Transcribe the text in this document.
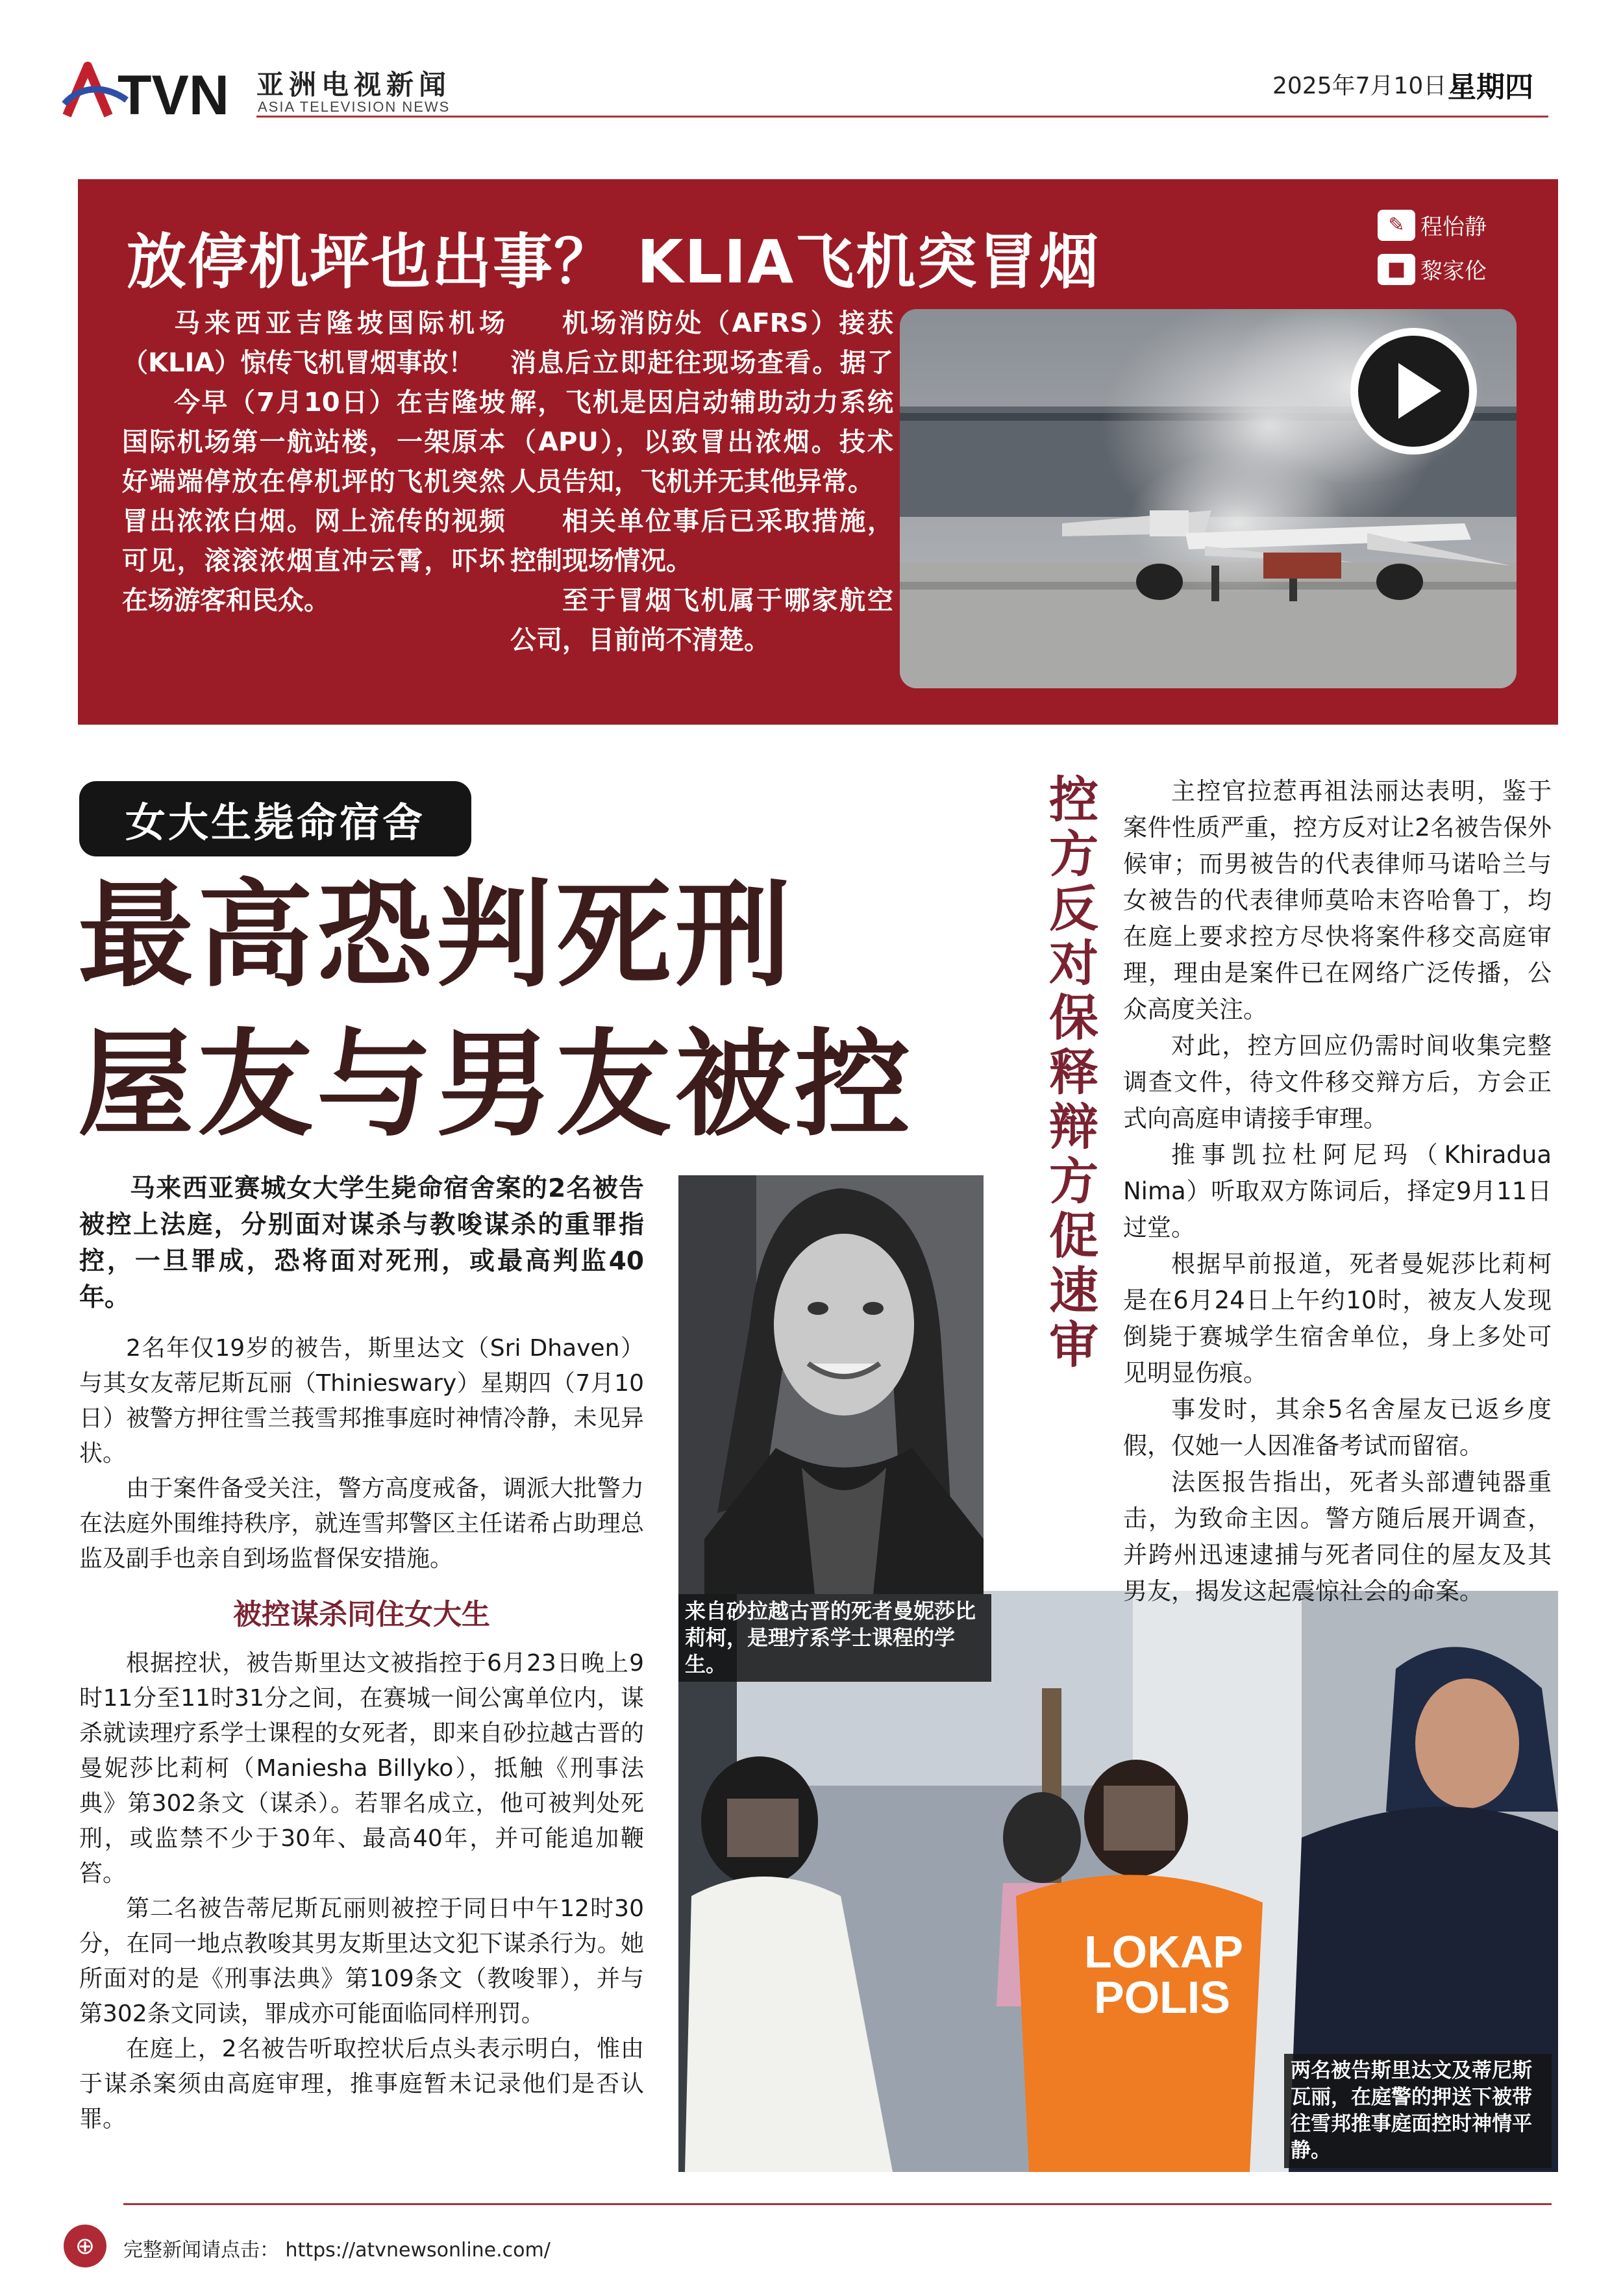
TVN 亚洲电视新闻
ASIA TELEVISION NEWS
2025年7月10日 星期四
放停机坪也出事？ KLIA飞机突冒烟
✎ 程怡静
■ 黎家伦

马来西亚吉隆坡国际机场（KLIA）惊传飞机冒烟事故！

今早（7月10日）在吉隆坡国际机场第一航站楼，一架原本好端端停放在停机坪的飞机突然冒出浓浓白烟。网上流传的视频可见，滚滚浓烟直冲云霄，吓坏在场游客和民众。

机场消防处（AFRS）接获消息后立即赶往现场查看。据了解，飞机是因启动辅助动力系统（APU），以致冒出浓烟。技术人员告知，飞机并无其他异常。

相关单位事后已采取措施，控制现场情况。

至于冒烟飞机属于哪家航空公司，目前尚不清楚。

女大生毙命宿舍
最高恐判死刑
屋友与男友被控
马来西亚赛城女大学生毙命宿舍案的2名被告被控上法庭，分别面对谋杀与教唆谋杀的重罪指控，一旦罪成，恐将面对死刑，或最高判监40年。

2名年仅19岁的被告，斯里达文（Sri Dhaven）与其女友蒂尼斯瓦丽（Thinieswary）星期四（7月10日）被警方押往雪兰莪雪邦推事庭时神情冷静，未见异状。

由于案件备受关注，警方高度戒备，调派大批警力在法庭外围维持秩序，就连雪邦警区主任诺希占助理总监及副手也亲自到场监督保安措施。

被控谋杀同住女大生

根据控状，被告斯里达文被指控于6月23日晚上9时11分至11时31分之间，在赛城一间公寓单位内，谋杀就读理疗系学士课程的女死者，即来自砂拉越古晋的曼妮莎比莉柯（Maniesha Billyko），抵触《刑事法典》第302条文（谋杀）。若罪名成立，他可被判处死刑，或监禁不少于30年、最高40年，并可能追加鞭笞。

第二名被告蒂尼斯瓦丽则被控于同日中午12时30分，在同一地点教唆其男友斯里达文犯下谋杀行为。她所面对的是《刑事法典》第109条文（教唆罪），并与第302条文同读，罪成亦可能面临同样刑罚。

在庭上，2名被告听取控状后点头表示明白，惟由于谋杀案须由高庭审理，推事庭暂未记录他们是否认罪。

LOKAP
POLIS
来自砂拉越古晋的死者曼妮莎比莉柯，是理疗系学士课程的学生。
两名被告斯里达文及蒂尼斯瓦丽，在庭警的押送下被带往雪邦推事庭面控时神情平静。
控方反对保释 辩方促速审

主控官拉惹再祖法丽达表明，鉴于案件性质严重，控方反对让2名被告保外候审；而男被告的代表律师马诺哈兰与女被告的代表律师莫哈末咨哈鲁丁，均在庭上要求控方尽快将案件移交高庭审理，理由是案件已在网络广泛传播，公众高度关注。

对此，控方回应仍需时间收集完整调查文件，待文件移交辩方后，方会正式向高庭申请接手审理。

推事凯拉杜阿尼玛（Khiradua Nima）听取双方陈词后，择定9月11日过堂。

根据早前报道，死者曼妮莎比莉柯是在6月24日上午约10时，被友人发现倒毙于赛城学生宿舍单位，身上多处可见明显伤痕。

事发时，其余5名舍屋友已返乡度假，仅她一人因准备考试而留宿。

法医报告指出，死者头部遭钝器重击，为致命主因。警方随后展开调查，并跨州迅速逮捕与死者同住的屋友及其男友，揭发这起震惊社会的命案。

⊕	完整新闻请点击： https://atvnewsonline.com/
